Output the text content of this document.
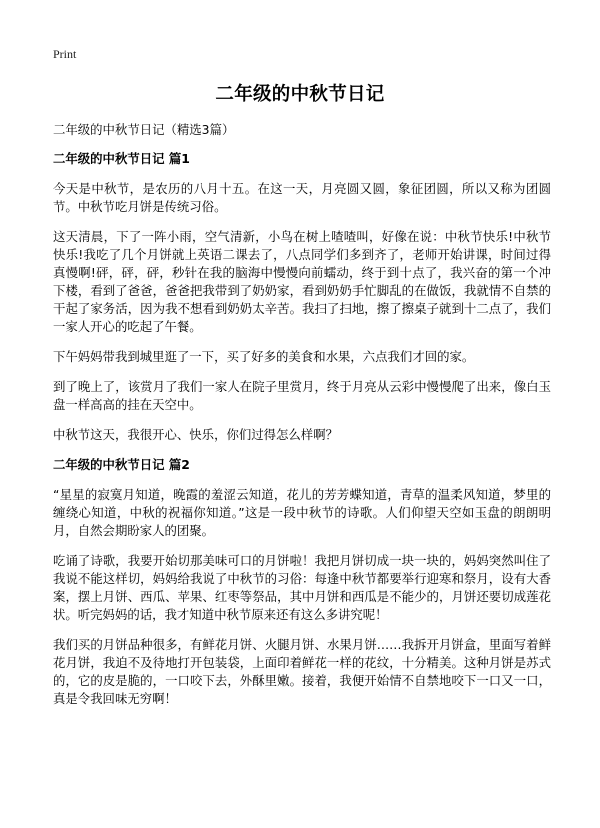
Print
二年级的中秋节日记
二年级的中秋节日记（精选3篇）
二年级的中秋节日记 篇1

今天是中秋节，是农历的八月十五。在这一天，月亮圆又圆，象征团圆，所以又称为团圆节。中秋节吃月饼是传统习俗。

这天清晨，下了一阵小雨，空气清新，小鸟在树上喳喳叫，好像在说：中秋节快乐!中秋节快乐!我吃了几个月饼就上英语二课去了，八点同学们多到齐了，老师开始讲课，时间过得真慢啊!砰，砰，砰，秒针在我的脑海中慢慢向前蠕动，终于到十点了，我兴奋的第一个冲下楼，看到了爸爸，爸爸把我带到了奶奶家，看到奶奶手忙脚乱的在做饭，我就情不自禁的干起了家务活，因为我不想看到奶奶太辛苦。我扫了扫地，擦了擦桌子就到十二点了，我们一家人开心的吃起了午餐。

下午妈妈带我到城里逛了一下，买了好多的美食和水果，六点我们才回的家。

到了晚上了，该赏月了我们一家人在院子里赏月，终于月亮从云彩中慢慢爬了出来，像白玉盘一样高高的挂在天空中。

中秋节这天，我很开心、快乐，你们过得怎么样啊？

二年级的中秋节日记 篇2

“星星的寂寞月知道，晚霞的羞涩云知道，花儿的芳芳蝶知道，青草的温柔风知道，梦里的缠绕心知道，中秋的祝福你知道。”这是一段中秋节的诗歌。人们仰望天空如玉盘的朗朗明月，自然会期盼家人的团聚。

吃诵了诗歌，我要开始切那美味可口的月饼啦！我把月饼切成一块一块的，妈妈突然叫住了我说不能这样切，妈妈给我说了中秋节的习俗：每逢中秋节都要举行迎寒和祭月，设有大香案，摆上月饼、西瓜、苹果、红枣等祭品，其中月饼和西瓜是不能少的，月饼还要切成莲花状。听完妈妈的话，我才知道中秋节原来还有这么多讲究呢！

我们买的月饼品种很多，有鲜花月饼、火腿月饼、水果月饼……我拆开月饼盒，里面写着鲜花月饼，我迫不及待地打开包装袋，上面印着鲜花一样的花纹，十分精美。这种月饼是苏式的，它的皮是脆的，一口咬下去，外酥里嫩。接着，我便开始情不自禁地咬下一口又一口，真是令我回味无穷啊！
